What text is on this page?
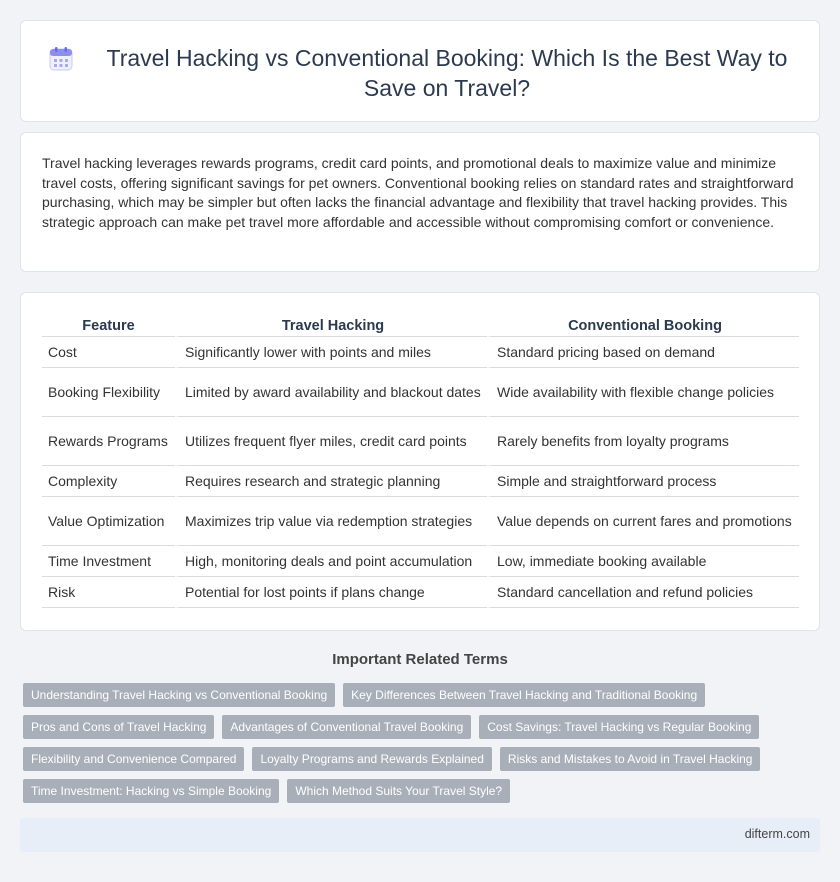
Travel Hacking vs Conventional Booking: Which Is the Best Way to Save on Travel?

Travel hacking leverages rewards programs, credit card points, and promotional deals to maximize value and minimize travel costs, offering significant savings for pet owners. Conventional booking relies on standard rates and straightforward purchasing, which may be simpler but often lacks the financial advantage and flexibility that travel hacking provides. This strategic approach can make pet travel more affordable and accessible without compromising comfort or convenience.

Feature	Travel Hacking	Conventional Booking
Cost	Significantly lower with points and miles	Standard pricing based on demand
Booking Flexibility	Limited by award availability and blackout dates	Wide availability with flexible change policies
Rewards Programs	Utilizes frequent flyer miles, credit card points	Rarely benefits from loyalty programs
Complexity	Requires research and strategic planning	Simple and straightforward process
Value Optimization	Maximizes trip value via redemption strategies	Value depends on current fares and promotions
Time Investment	High, monitoring deals and point accumulation	Low, immediate booking available
Risk	Potential for lost points if plans change	Standard cancellation and refund policies
Important Related Terms
Understanding Travel Hacking vs Conventional Booking	Key Differences Between Travel Hacking and Traditional Booking
Pros and Cons of Travel Hacking	Advantages of Conventional Travel Booking	Cost Savings: Travel Hacking vs Regular Booking
Flexibility and Convenience Compared	Loyalty Programs and Rewards Explained	Risks and Mistakes to Avoid in Travel Hacking
Time Investment: Hacking vs Simple Booking	Which Method Suits Your Travel Style?
difterm.com
